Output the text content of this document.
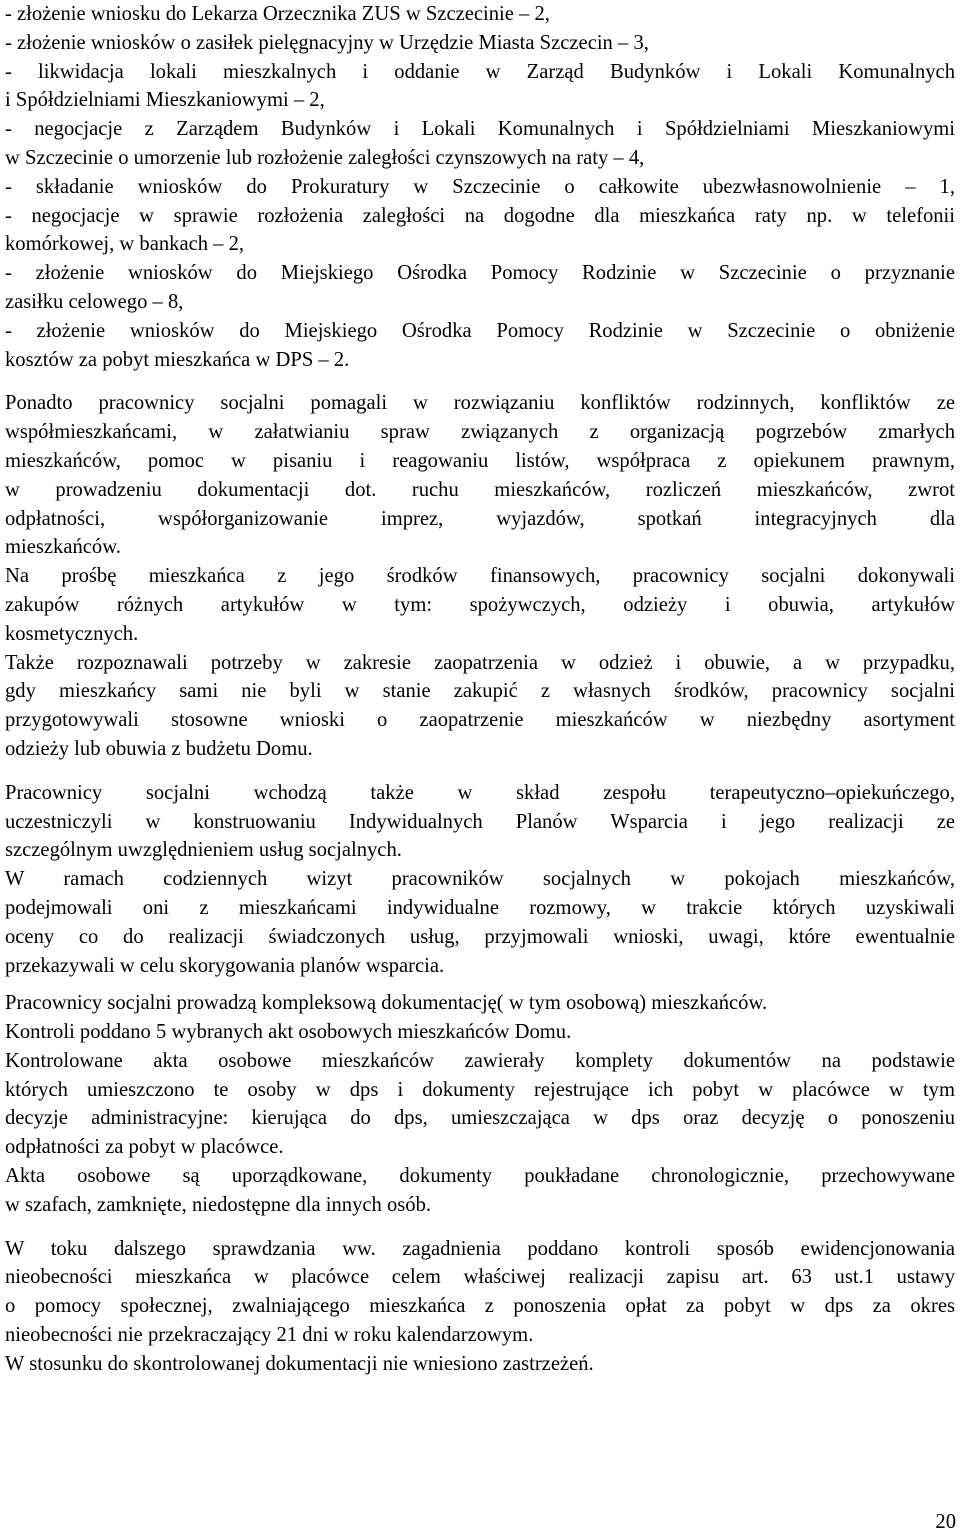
- złożenie wniosku do Lekarza Orzecznika ZUS w Szczecinie – 2,
- złożenie wniosków o zasiłek pielęgnacyjny w Urzędzie Miasta Szczecin – 3,
- likwidacja lokali mieszkalnych i oddanie w Zarząd Budynków i Lokali Komunalnych
i Spółdzielniami Mieszkaniowymi – 2,
- negocjacje z Zarządem Budynków i Lokali Komunalnych i Spółdzielniami Mieszkaniowymi
w Szczecinie o umorzenie lub rozłożenie zaległości czynszowych na raty – 4,
- składanie wniosków do Prokuratury w Szczecinie o całkowite ubezwłasnowolnienie – 1,
- negocjacje w sprawie rozłożenia zaległości na dogodne dla mieszkańca raty np. w telefonii
komórkowej, w bankach – 2,
- złożenie wniosków do Miejskiego Ośrodka Pomocy Rodzinie w Szczecinie o przyznanie
zasiłku celowego – 8,
- złożenie wniosków do Miejskiego Ośrodka Pomocy Rodzinie w Szczecinie o obniżenie
kosztów za pobyt mieszkańca w DPS – 2.
Ponadto pracownicy socjalni pomagali w rozwiązaniu konfliktów rodzinnych, konfliktów ze
współmieszkańcami, w załatwianiu spraw związanych z organizacją pogrzebów zmarłych
mieszkańców, pomoc w pisaniu i reagowaniu listów, współpraca z opiekunem prawnym,
w prowadzeniu dokumentacji dot. ruchu mieszkańców, rozliczeń mieszkańców, zwrot
odpłatności, współorganizowanie imprez, wyjazdów, spotkań integracyjnych dla
mieszkańców.
Na prośbę mieszkańca z jego środków finansowych, pracownicy socjalni dokonywali
zakupów różnych artykułów w tym: spożywczych, odzieży i obuwia, artykułów
kosmetycznych.
Także rozpoznawali potrzeby w zakresie zaopatrzenia w odzież i obuwie, a w przypadku,
gdy mieszkańcy sami nie byli w stanie zakupić z własnych środków, pracownicy socjalni
przygotowywali stosowne wnioski o zaopatrzenie mieszkańców w niezbędny asortyment
odzieży lub obuwia z budżetu Domu.
Pracownicy socjalni wchodzą także w skład zespołu terapeutyczno–opiekuńczego,
uczestniczyli w konstruowaniu Indywidualnych Planów Wsparcia i jego realizacji ze
szczególnym uwzględnieniem usług socjalnych.
W ramach codziennych wizyt pracowników socjalnych w pokojach mieszkańców,
podejmowali oni z mieszkańcami indywidualne rozmowy, w trakcie których uzyskiwali
oceny co do realizacji świadczonych usług, przyjmowali wnioski, uwagi, które ewentualnie
przekazywali w celu skorygowania planów wsparcia.
Pracownicy socjalni prowadzą kompleksową dokumentację( w tym osobową) mieszkańców.
Kontroli poddano 5 wybranych akt osobowych mieszkańców Domu.
Kontrolowane akta osobowe mieszkańców zawierały komplety dokumentów na podstawie
których umieszczono te osoby w dps i dokumenty rejestrujące ich pobyt w placówce w tym
decyzje administracyjne: kierująca do dps, umieszczająca w dps oraz decyzję o ponoszeniu
odpłatności za pobyt w placówce.
Akta osobowe są uporządkowane, dokumenty poukładane chronologicznie, przechowywane
w szafach, zamknięte, niedostępne dla innych osób.
W toku dalszego sprawdzania ww. zagadnienia poddano kontroli sposób ewidencjonowania
nieobecności mieszkańca w placówce celem właściwej realizacji zapisu art. 63 ust.1 ustawy
o pomocy społecznej, zwalniającego mieszkańca z ponoszenia opłat za pobyt w dps za okres
nieobecności nie przekraczający 21 dni w roku kalendarzowym.
W stosunku do skontrolowanej dokumentacji nie wniesiono zastrzeżeń.
20
